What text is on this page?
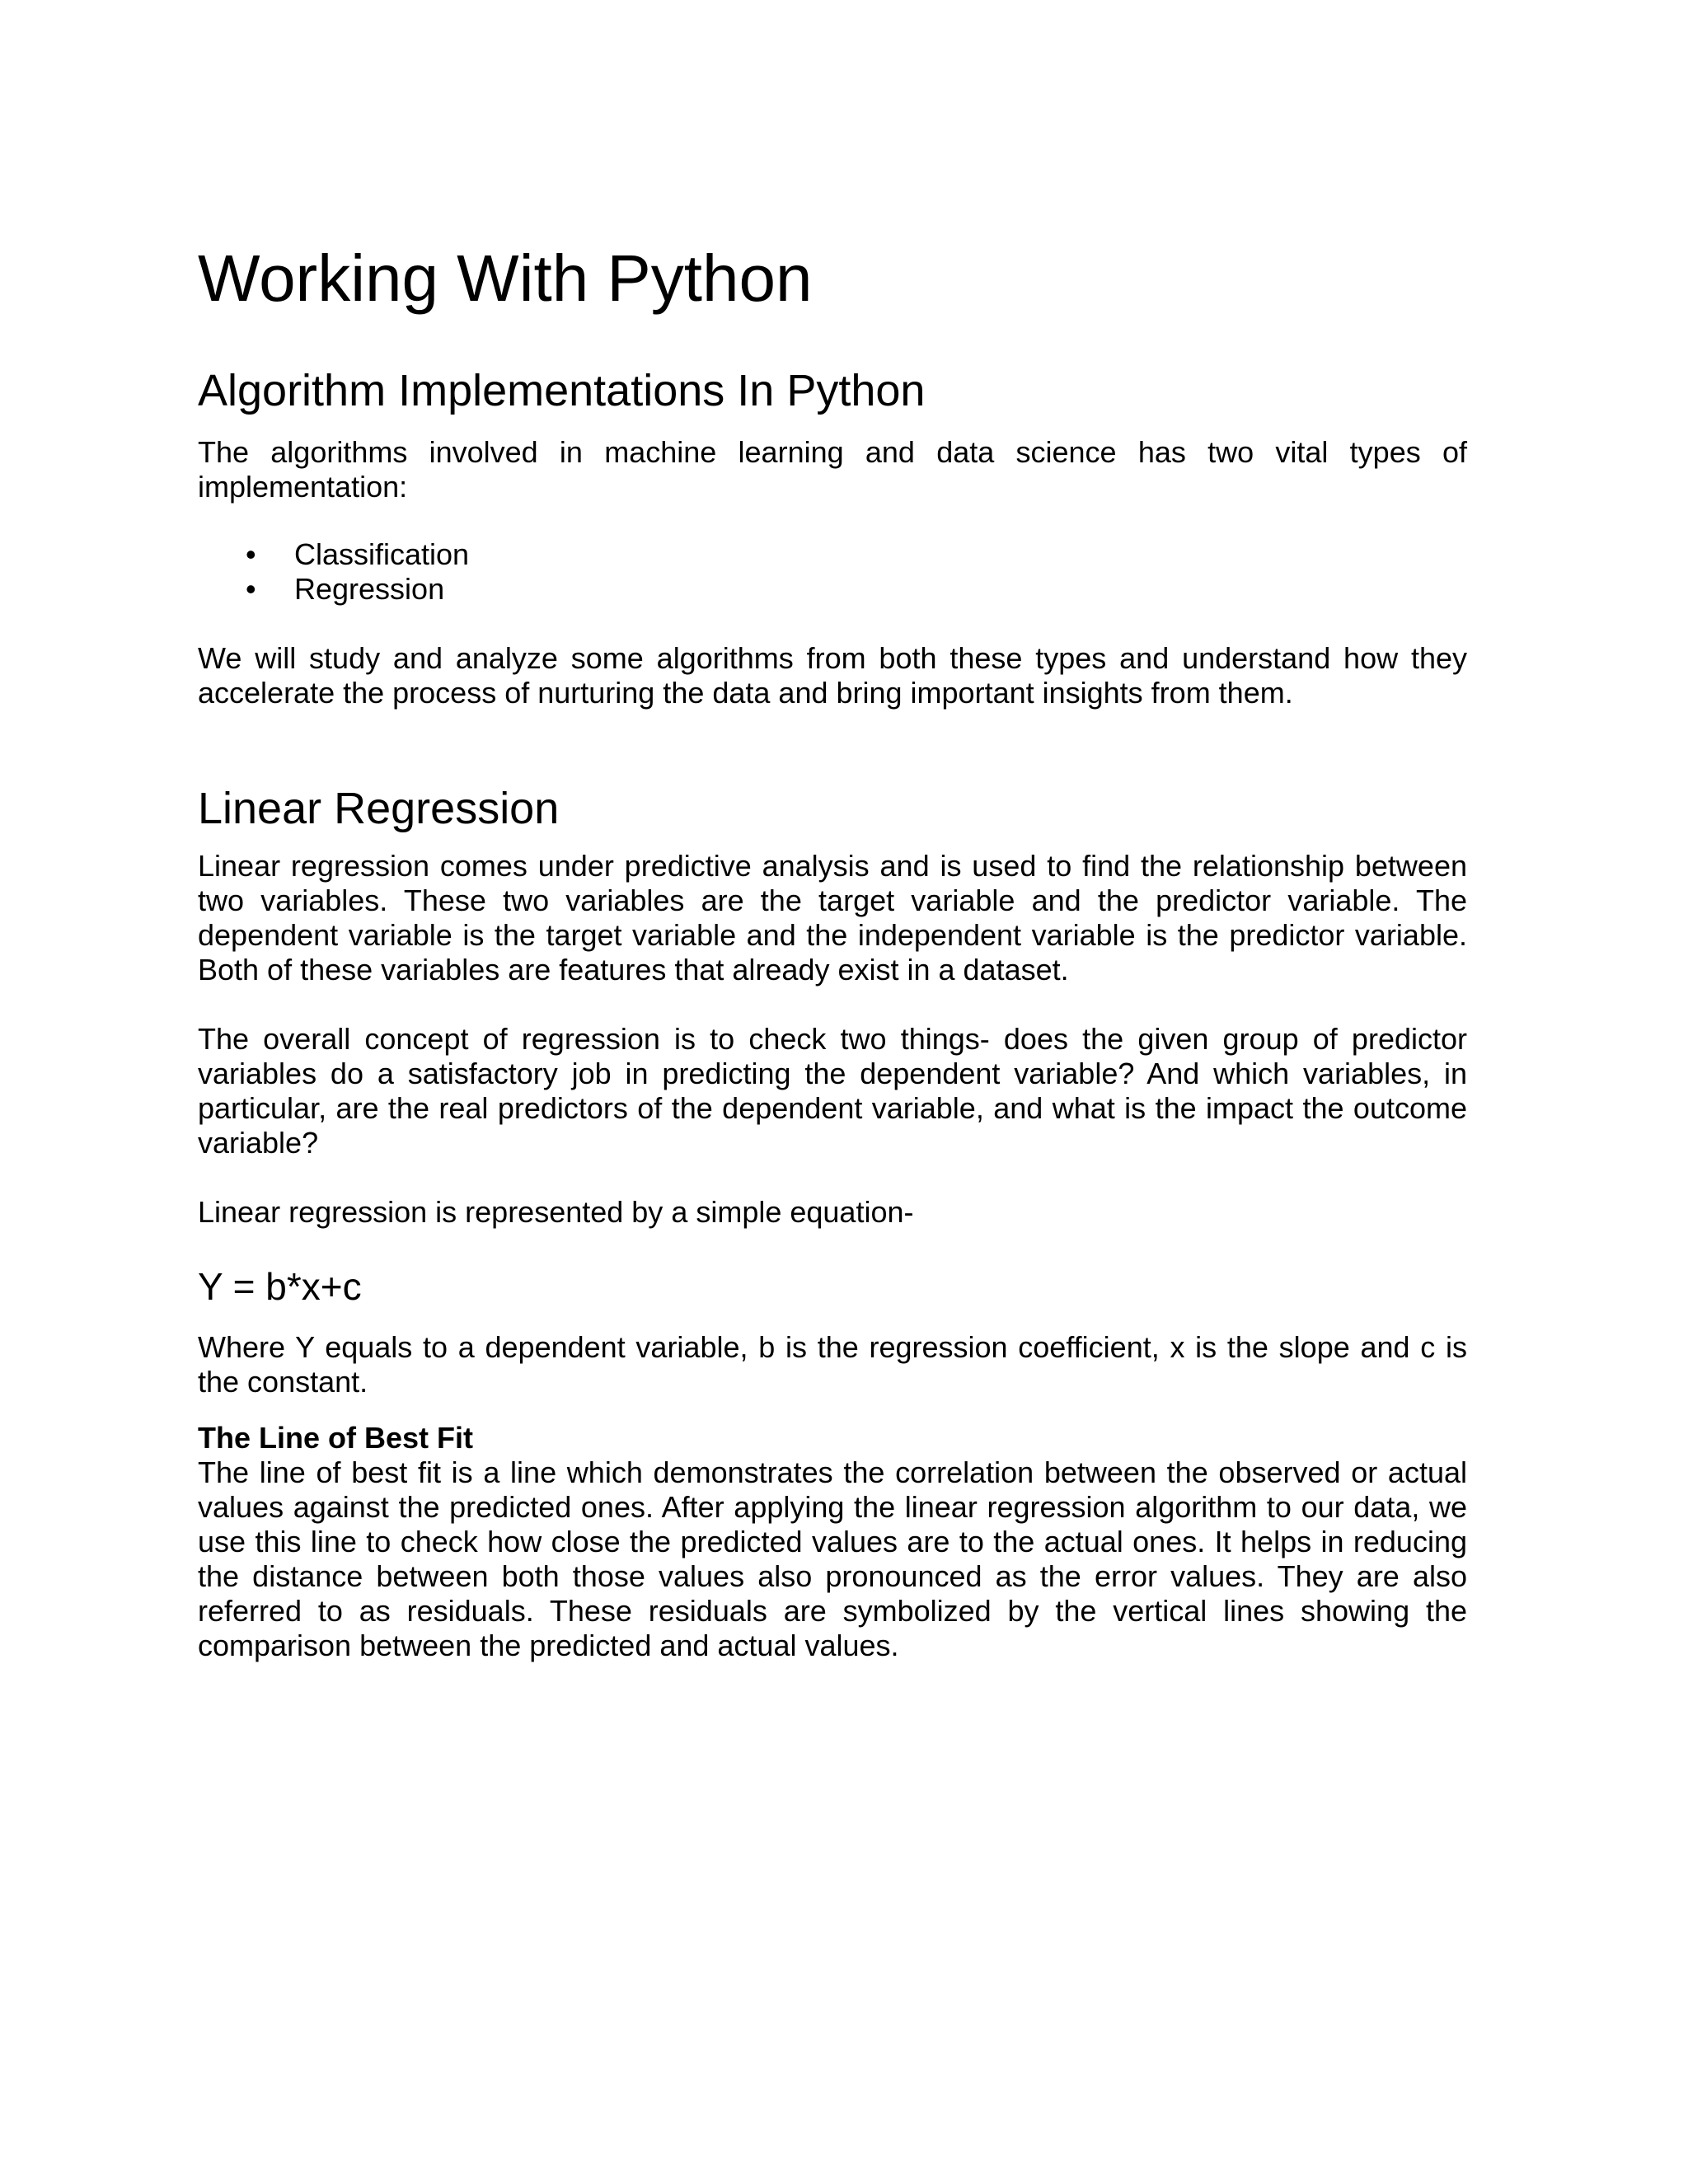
Working With Python
Algorithm Implementations In Python

The algorithms involved in machine learning and data science has two vital types of implementation:

• Classification
• Regression

We will study and analyze some algorithms from both these types and understand how they accelerate the process of nurturing the data and bring important insights from them.

Linear Regression

Linear regression comes under predictive analysis and is used to find the relationship between two variables. These two variables are the target variable and the predictor variable. The dependent variable is the target variable and the independent variable is the predictor variable. Both of these variables are features that already exist in a dataset.

The overall concept of regression is to check two things- does the given group of predictor variables do a satisfactory job in predicting the dependent variable? And which variables, in particular, are the real predictors of the dependent variable, and what is the impact the outcome variable?

Linear regression is represented by a simple equation-

Y = b*x+c

Where Y equals to a dependent variable, b is the regression coefficient, x is the slope and c is the constant.

The Line of Best Fit

The line of best fit is a line which demonstrates the correlation between the observed or actual values against the predicted ones. After applying the linear regression algorithm to our data, we use this line to check how close the predicted values are to the actual ones. It helps in reducing the distance between both those values also pronounced as the error values. They are also referred to as residuals. These residuals are symbolized by the vertical lines showing the comparison between the predicted and actual values.
